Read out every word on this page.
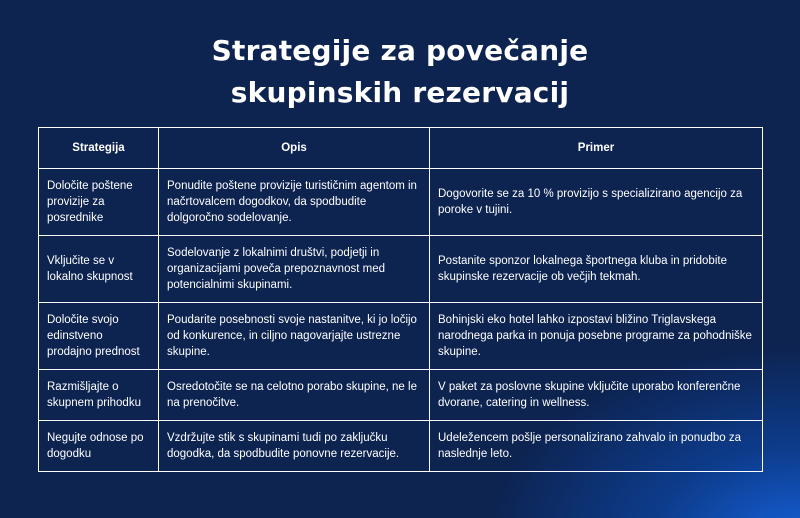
Strategije za povečanje
skupinskih rezervacij
Strategija	Opis	Primer
Določite poštene provizije za posrednike	Ponudite poštene provizije turističnim agentom in načrtovalcem dogodkov, da spodbudite dolgoročno sodelovanje.	Dogovorite se za 10 % provizijo s specializirano agencijo za poroke v tujini.
Vključite se v lokalno skupnost	Sodelovanje z lokalnimi društvi, podjetji in organizacijami poveča prepoznavnost med potencialnimi skupinami.	Postanite sponzor lokalnega športnega kluba in pridobite skupinske rezervacije ob večjih tekmah.
Določite svojo edinstveno prodajno prednost	Poudarite posebnosti svoje nastanitve, ki jo ločijo od konkurence, in ciljno nagovarjajte ustrezne skupine.	Bohinjski eko hotel lahko izpostavi bližino Triglavskega narodnega parka in ponuja posebne programe za pohodniške skupine.
Razmišljajte o skupnem prihodku	Osredotočite se na celotno porabo skupine, ne le na prenočitve.	V paket za poslovne skupine vključite uporabo konferenčne dvorane, catering in wellness.
Negujte odnose po dogodku	Vzdržujte stik s skupinami tudi po zaključku dogodka, da spodbudite ponovne rezervacije.	Udeležencem pošlje personalizirano zahvalo in ponudbo za naslednje leto.
